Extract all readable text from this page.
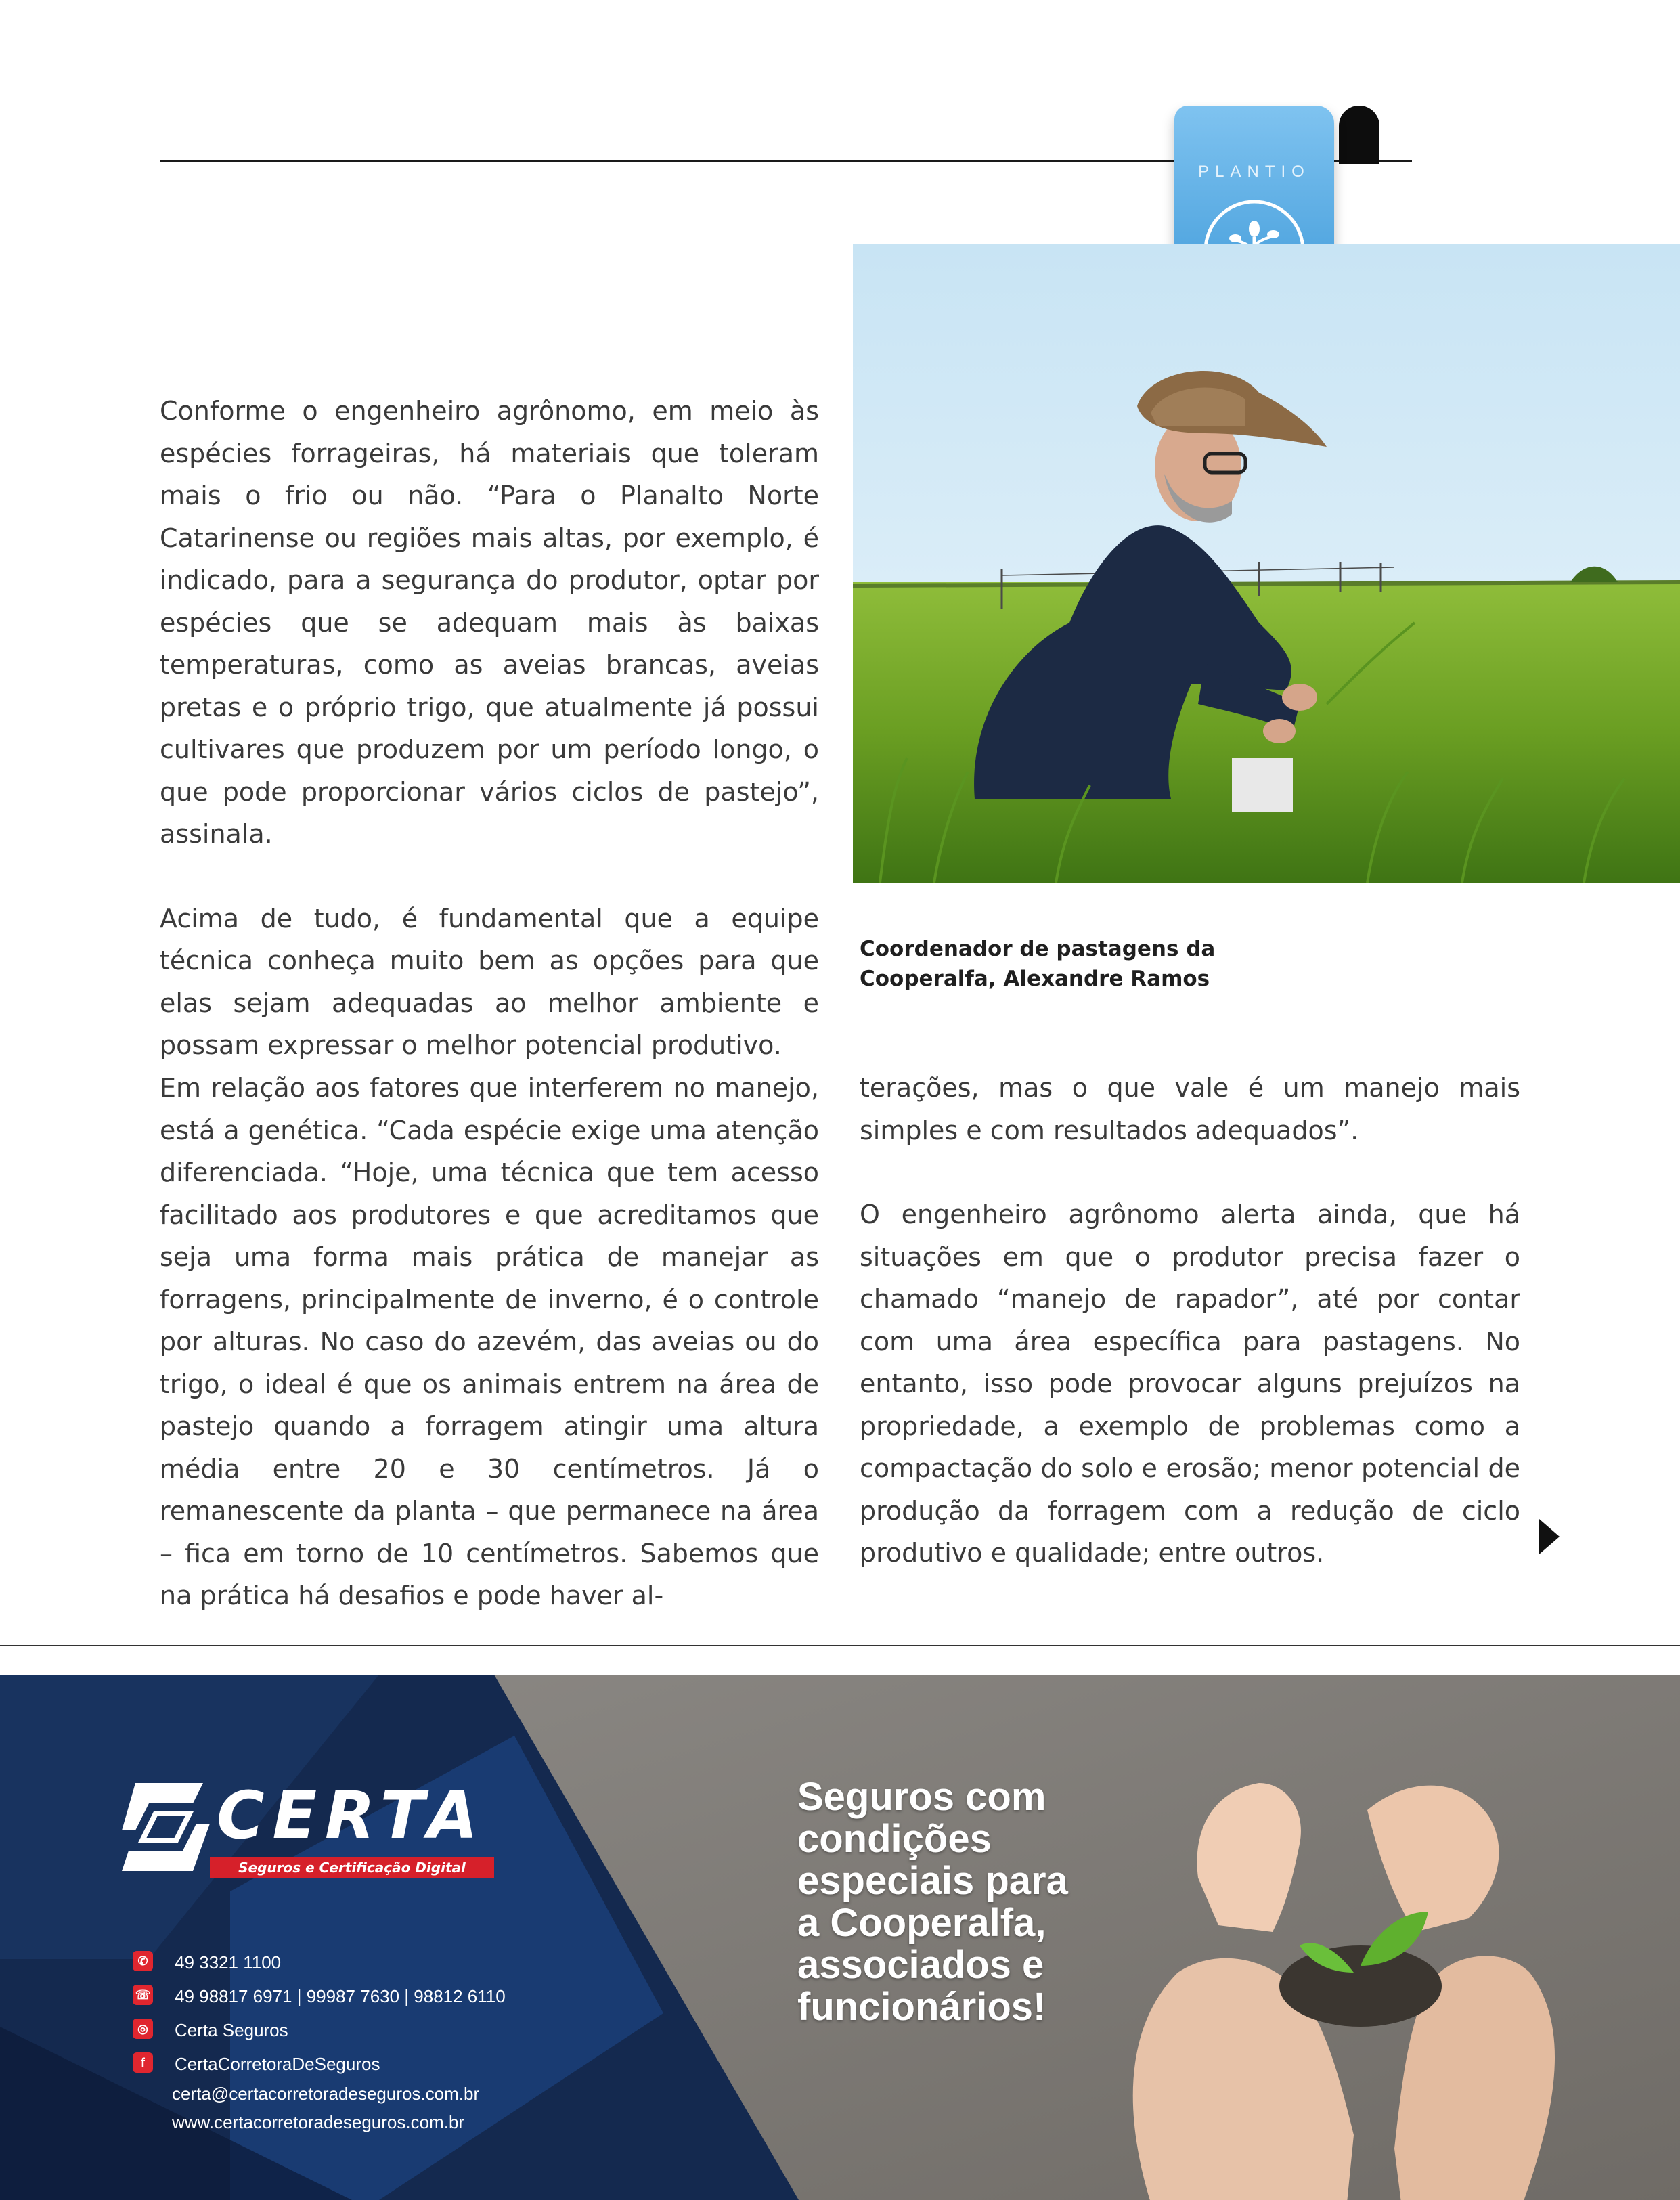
PLANTIO
Coordenador de pastagens da
Cooperalfa, Alexandre Ramos

Conforme o engenheiro agrônomo, em meio às espécies forrageiras, há materiais que toleram mais o frio ou não. “Para o Planalto Norte Catarinense ou regiões mais altas, por exemplo, é indicado, para a segurança do produtor, optar por espécies que se adequam mais às baixas temperaturas, como as aveias brancas, aveias pretas e o próprio trigo, que atualmente já possui cultivares que produzem por um período longo, o que pode proporcionar vários ciclos de pastejo”, assinala.

Acima de tudo, é fundamental que a equipe técnica conheça muito bem as opções para que elas sejam adequadas ao melhor ambiente e possam expressar o melhor potencial produtivo.

Em relação aos fatores que interferem no manejo, está a genética. “Cada espécie exige uma atenção diferenciada. “Hoje, uma técnica que tem acesso facilitado aos produtores e que acreditamos que seja uma forma mais prática de manejar as forragens, principalmente de inverno, é o controle por alturas. No caso do azevém, das aveias ou do trigo, o ideal é que os animais entrem na área de pastejo quando a forragem atingir uma altura média entre 20 e 30 centímetros. Já o remanescente da planta – que permanece na área – fica em torno de 10 centímetros. Sabemos que na prática há desafios e pode haver al-

terações, mas o que vale é um manejo mais simples e com resultados adequados”.

O engenheiro agrônomo alerta ainda, que há situações em que o produtor precisa fazer o chamado “manejo de rapador”, até por contar com uma área específica para pastagens. No entanto, isso pode provocar alguns prejuízos na propriedade, a exemplo de problemas como a compactação do solo e erosão; menor potencial de produção da forragem com a redução de ciclo produtivo e qualidade; entre outros.

CERTA
Seguros e Certificação Digital
✆ 49 3321 1100
☏ 49 98817 6971 | 99987 7630 | 98812 6110
◎ Certa Seguros
f	CertaCorretoraDeSeguros
certa@certacorretoradeseguros.com.br
www.certacorretoradeseguros.com.br
Seguros com
condições
especiais para
a Cooperalfa,
associados e
funcionários!
